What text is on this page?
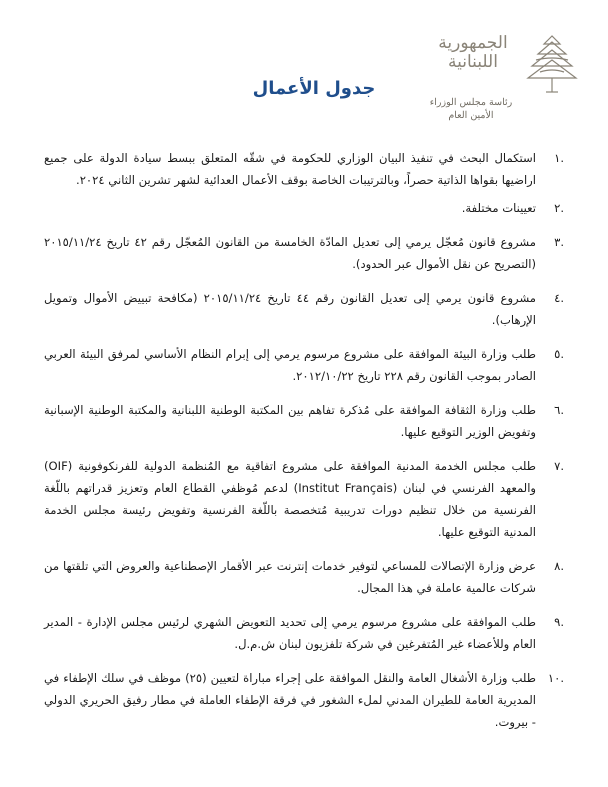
الجمهورية
اللبنانية
رئاسة مجلس الوزراء
الأمين العام
جدول الأعمال
.١
استكمال البحث في تنفيذ البيان الوزاري للحكومة في شقّه المتعلق ببسط سيادة الدولة على جميع اراضيها بقواها الذاتية حصراً، وبالترتيبات الخاصة بوقف الأعمال العدائية لشهر تشرين الثاني ٢٠٢٤.
.٢
تعيينات مختلفة.
.٣
مشروع قانون مُعجّل يرمي إلى تعديل المادّة الخامسة من القانون المُعجّل رقم ٤٢ تاريخ ٢٠١٥/١١/٢٤ (التصريح عن نقل الأموال عبر الحدود).
.٤
مشروع قانون يرمي إلى تعديل القانون رقم ٤٤ تاريخ ٢٠١٥/١١/٢٤ (مكافحة تبييض الأموال وتمويل الإرهاب).
.٥
طلب وزارة البيئة الموافقة على مشروع مرسوم يرمي إلى إبرام النظام الأساسي لمرفق البيئة العربي الصادر بموجب القانون رقم ٢٢٨ تاريخ ٢٠١٢/١٠/٢٢.
.٦
طلب وزارة الثقافة الموافقة على مُذكرة تفاهم بين المكتبة الوطنية اللبنانية والمكتبة الوطنية الإسبانية وتفويض الوزير التوقيع عليها.
.٧
طلب مجلس الخدمة المدنية الموافقة على مشروع اتفاقية مع المُنظمة الدولية للفرنكوفونية (OIF) والمعهد الفرنسي في لبنان (Institut Français) لدعم مُوظفي القطاع العام وتعزيز قدراتهم باللّغة الفرنسية من خلال تنظيم دورات تدريبية مُتخصصة باللّغة الفرنسية وتفويض رئيسة مجلس الخدمة المدنية التوقيع عليها.
.٨
عرض وزارة الإتصالات للمساعي لتوفير خدمات إنترنت عبر الأقمار الإصطناعية والعروض التي تلقتها من شركات عالمية عاملة في هذا المجال.
.٩
طلب الموافقة على مشروع مرسوم يرمي إلى تحديد التعويض الشهري لرئيس مجلس الإدارة - المدير العام وللأعضاء غير المُتفرغين في شركة تلفزيون لبنان ش.م.ل.
.١٠
طلب وزارة الأشغال العامة والنقل الموافقة على إجراء مباراة لتعيين (٢٥) موظف في سلك الإطفاء في المديرية العامة للطيران المدني لملء الشغور في فرقة الإطفاء العاملة في مطار رفيق الحريري الدولي - بيروت.
